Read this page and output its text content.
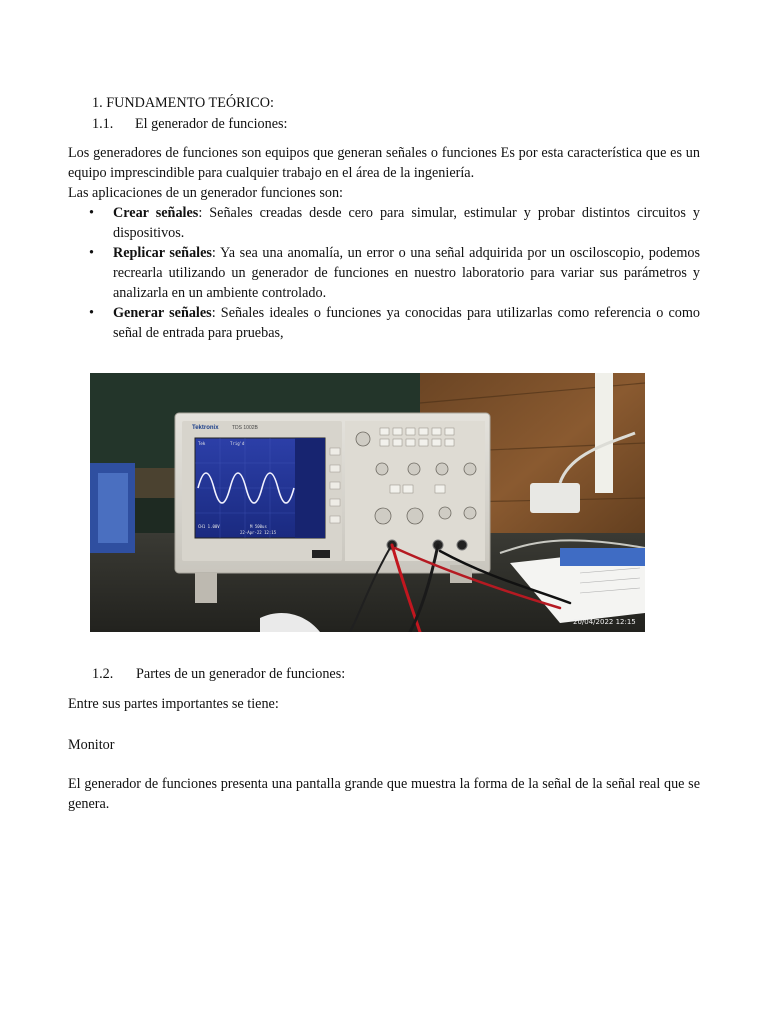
1. FUNDAMENTO TEÓRICO:
1.1. El generador de funciones:
Los generadores de funciones son equipos que generan señales o funciones Es por esta característica que es un equipo imprescindible para cualquier trabajo en el área de la ingeniería.
Las aplicaciones de un generador funciones son:
• Crear señales: Señales creadas desde cero para simular, estimular y probar distintos circuitos y dispositivos.
• Replicar señales: Ya sea una anomalía, un error o una señal adquirida por un osciloscopio, podemos recrearla utilizando un generador de funciones en nuestro laboratorio para variar sus parámetros y analizarla en un ambiente controlado.
• Generar señales: Señales ideales o funciones ya conocidas para utilizarlas como referencia o como señal de entrada para pruebas,
Tektronix	TDS 1002B
Tek	Trig'd
CH1 1.00V	M 500us
22-Apr-22 12:15
20/04/2022 12:15
1.2. Partes de un generador de funciones:
Entre sus partes importantes se tiene:
Monitor
El generador de funciones presenta una pantalla grande que muestra la forma de la señal de la señal real que se genera.
